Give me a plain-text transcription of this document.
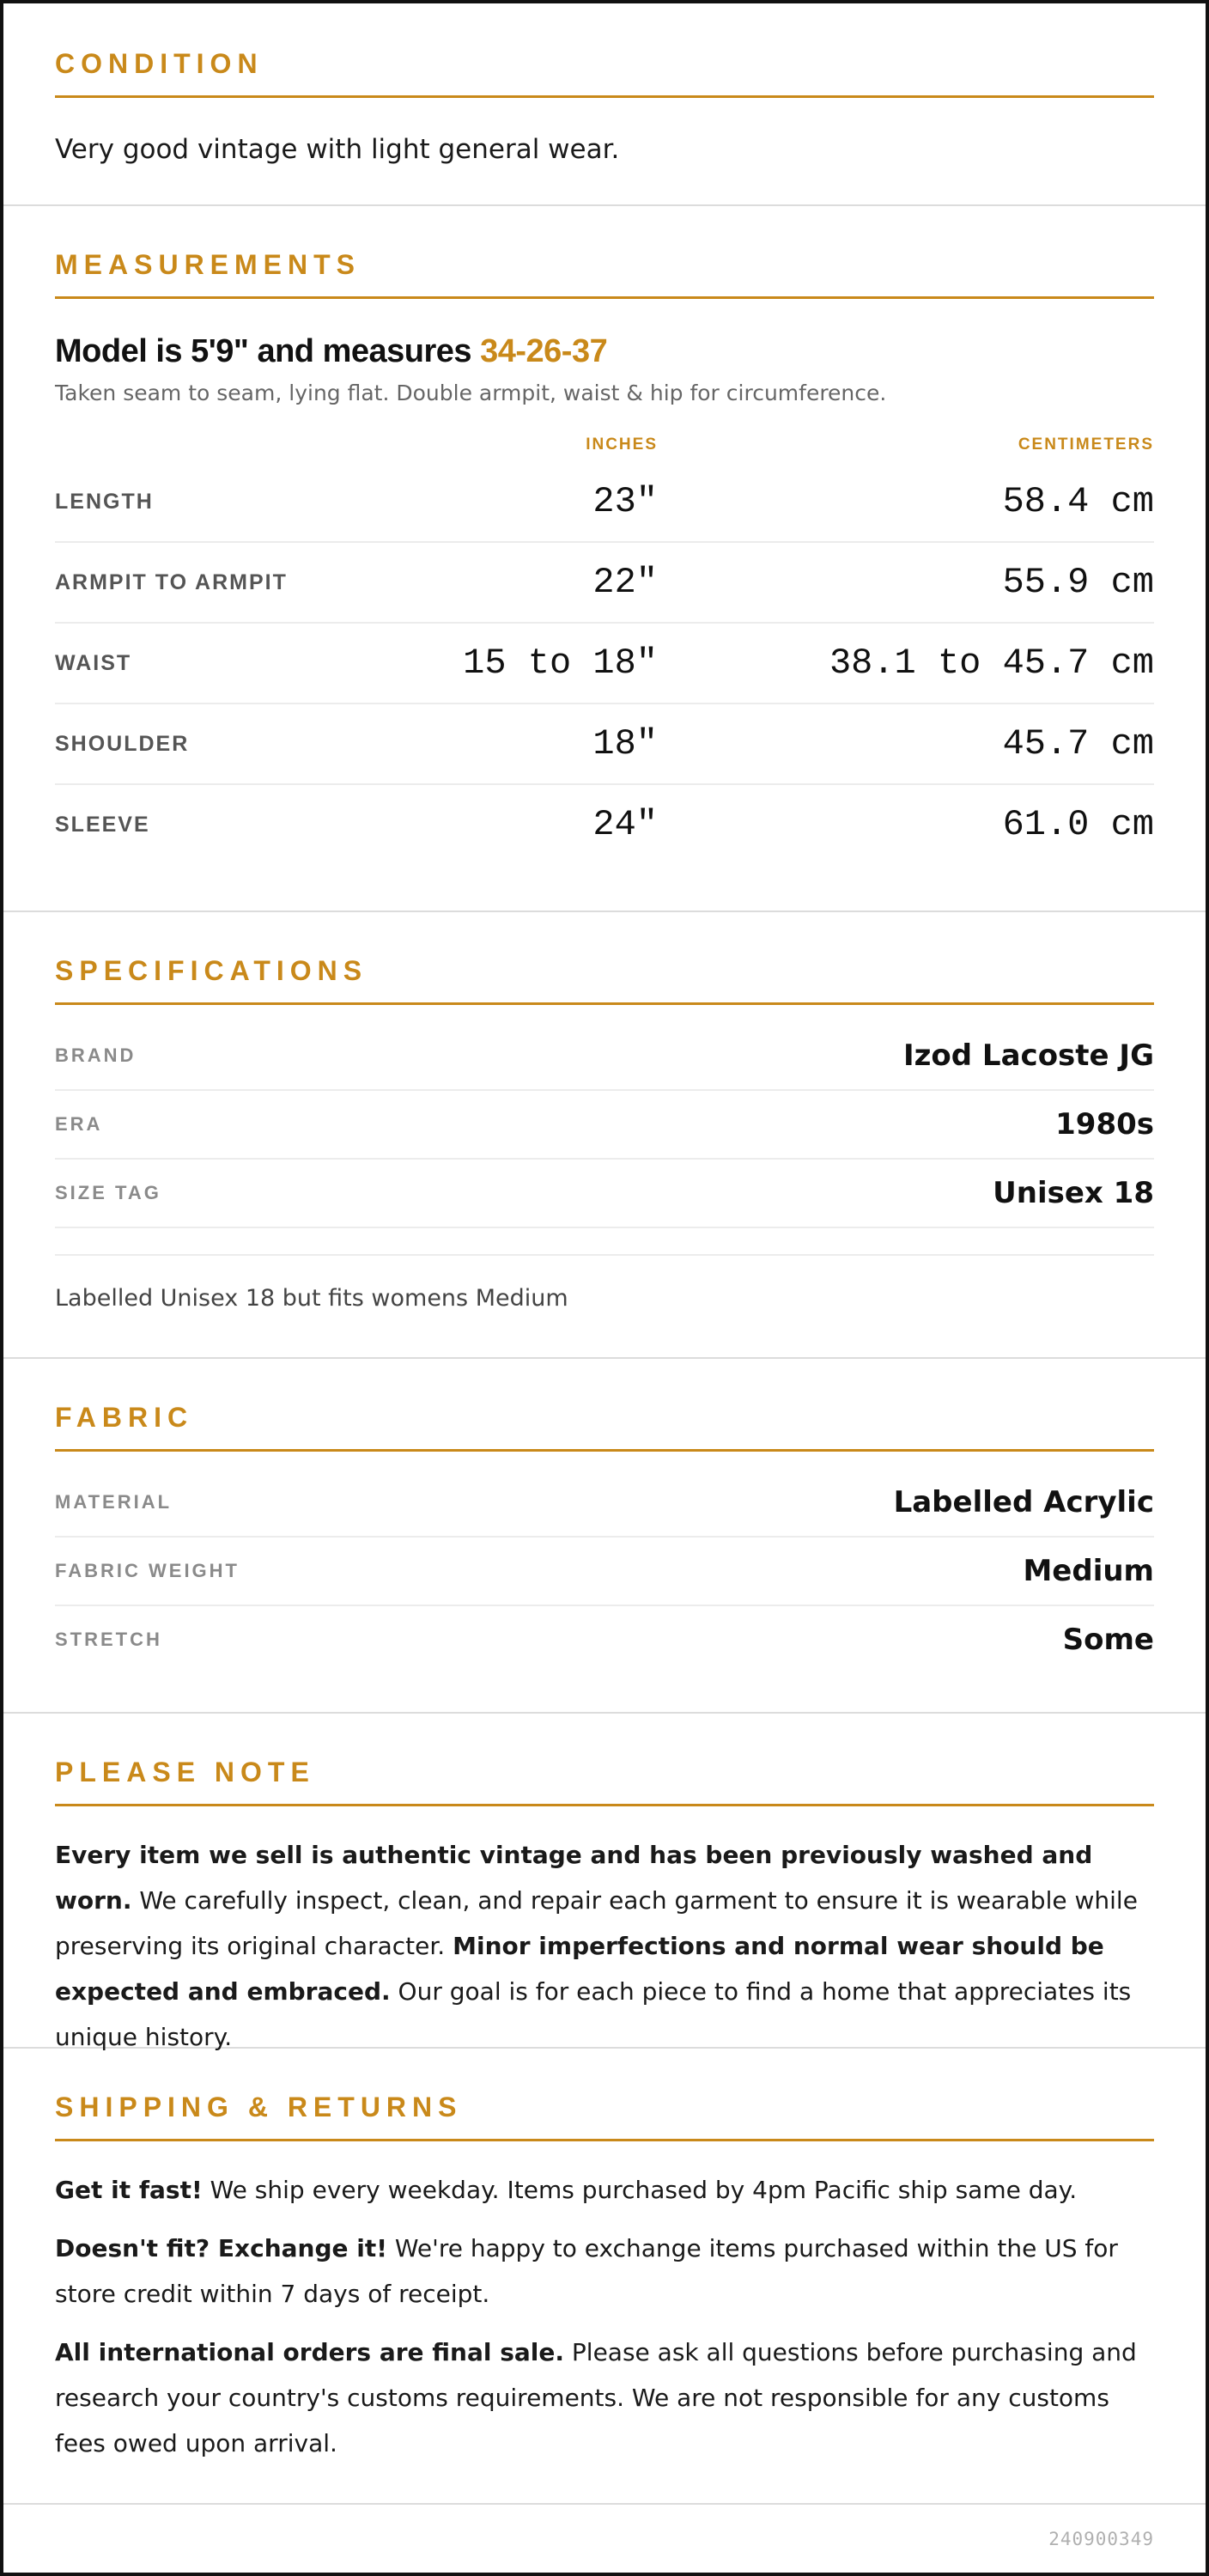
CONDITION
Very good vintage with light general wear.
MEASUREMENTS
Model is 5'9" and measures 34-26-37
Taken seam to seam, lying flat. Double armpit, waist & hip for circumference.
INCHES	CENTIMETERS
LENGTH	23"	58.4 cm
ARMPIT TO ARMPIT	22"	55.9 cm
WAIST	15 to 18"	38.1 to 45.7 cm
SHOULDER	18"	45.7 cm
SLEEVE	24"	61.0 cm
SPECIFICATIONS
BRAND	Izod Lacoste JG
ERA	1980s
SIZE TAG	Unisex 18
Labelled Unisex 18 but fits womens Medium
FABRIC
MATERIAL	Labelled Acrylic
FABRIC WEIGHT	Medium
STRETCH	Some
PLEASE NOTE

Every item we sell is authentic vintage and has been previously washed and worn. We carefully inspect, clean, and repair each garment to ensure it is wearable while preserving its original character. Minor imperfections and normal wear should be expected and embraced. Our goal is for each piece to find a home that appreciates its unique history.

SHIPPING & RETURNS

Get it fast! We ship every weekday. Items purchased by 4pm Pacific ship same day.

Doesn't fit? Exchange it! We're happy to exchange items purchased within the US for store credit within 7 days of receipt.

All international orders are final sale. Please ask all questions before purchasing and research your country's customs requirements. We are not responsible for any customs fees owed upon arrival.

240900349
